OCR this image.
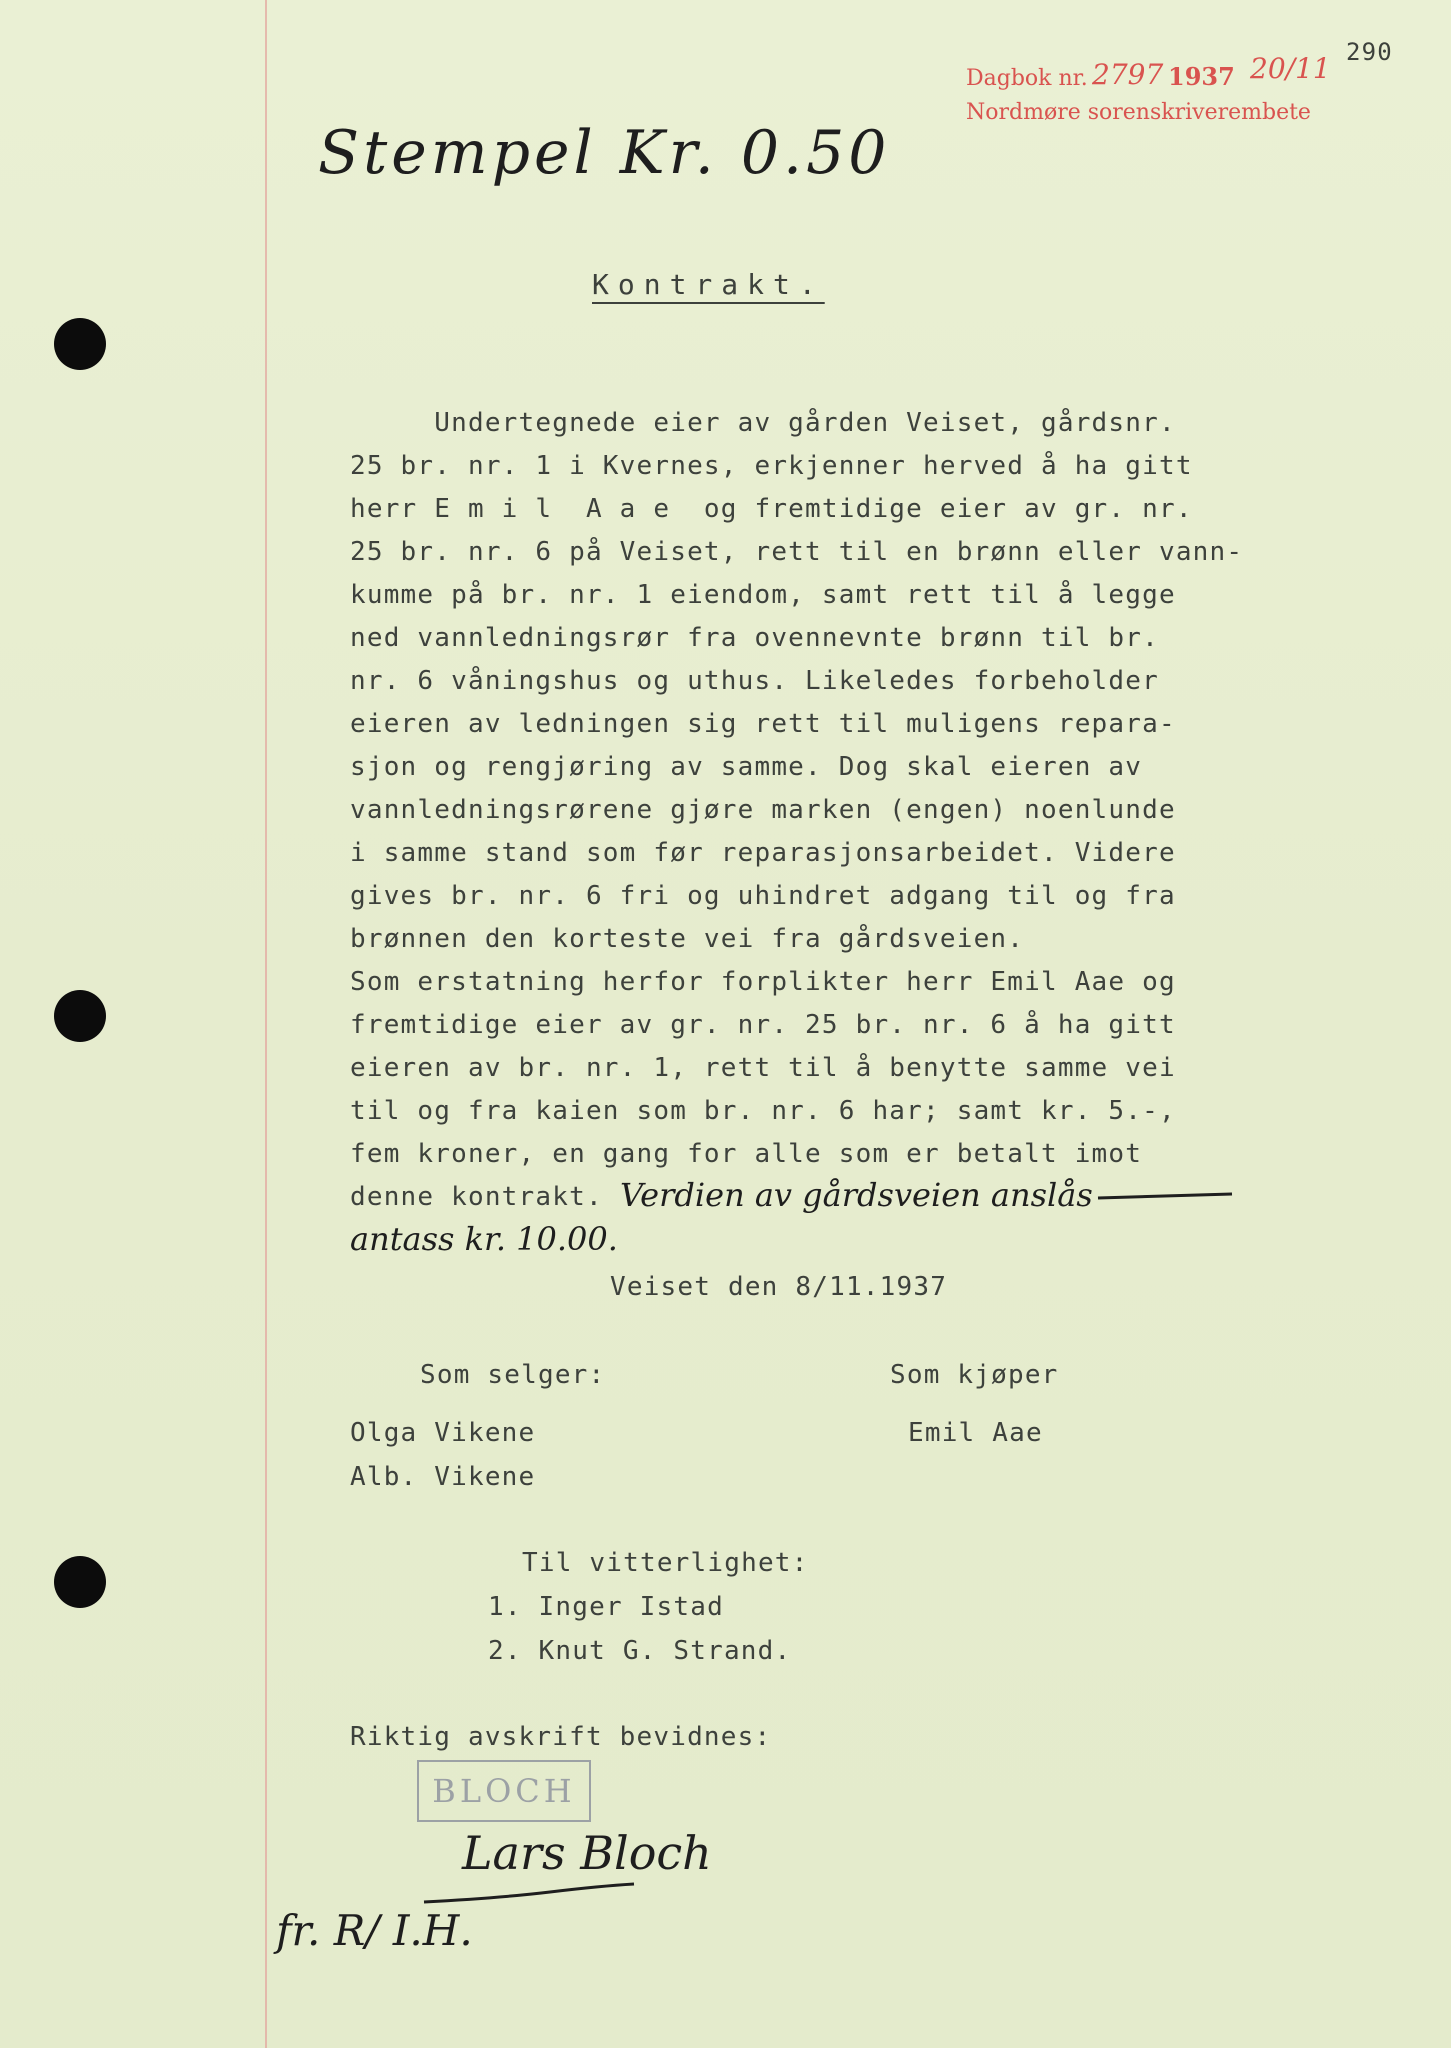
Dagbok nr. 2797 1937 20/11
Nordmøre sorenskriverembete
290
Stempel Kr. 0.50
Kontrakt.
Undertegnede eier av gården Veiset, gårdsnr.
25 br. nr. 1 i Kvernes, erkjenner herved å ha gitt
herr E m i l  A a e  og fremtidige eier av gr. nr.
25 br. nr. 6 på Veiset, rett til en brønn eller vann-
kumme på br. nr. 1 eiendom, samt rett til å legge
ned vannledningsrør fra ovennevnte brønn til br.
nr. 6 våningshus og uthus. Likeledes forbeholder
eieren av ledningen sig rett til muligens repara-
sjon og rengjøring av samme. Dog skal eieren av
vannledningsrørene gjøre marken (engen) noenlunde
i samme stand som før reparasjonsarbeidet. Videre
gives br. nr. 6 fri og uhindret adgang til og fra
brønnen den korteste vei fra gårdsveien.
Som erstatning herfor forplikter herr Emil Aae og
fremtidige eier av gr. nr. 25 br. nr. 6 å ha gitt
eieren av br. nr. 1, rett til å benytte samme vei
til og fra kaien som br. nr. 6 har; samt kr. 5.-,
fem kroner, en gang for alle som er betalt imot
denne kontrakt. Verdien av gårdsveien anslås
antass kr. 10.00.
Veiset den 8/11.1937
Som selger:	Som kjøper
Olga Vikene
Alb. Vikene
Emil Aae
Til vitterlighet:
1. Inger Istad
2. Knut G. Strand.
Riktig avskrift bevidnes:
BLOCH
Lars Bloch
fr. R/ I.H.
